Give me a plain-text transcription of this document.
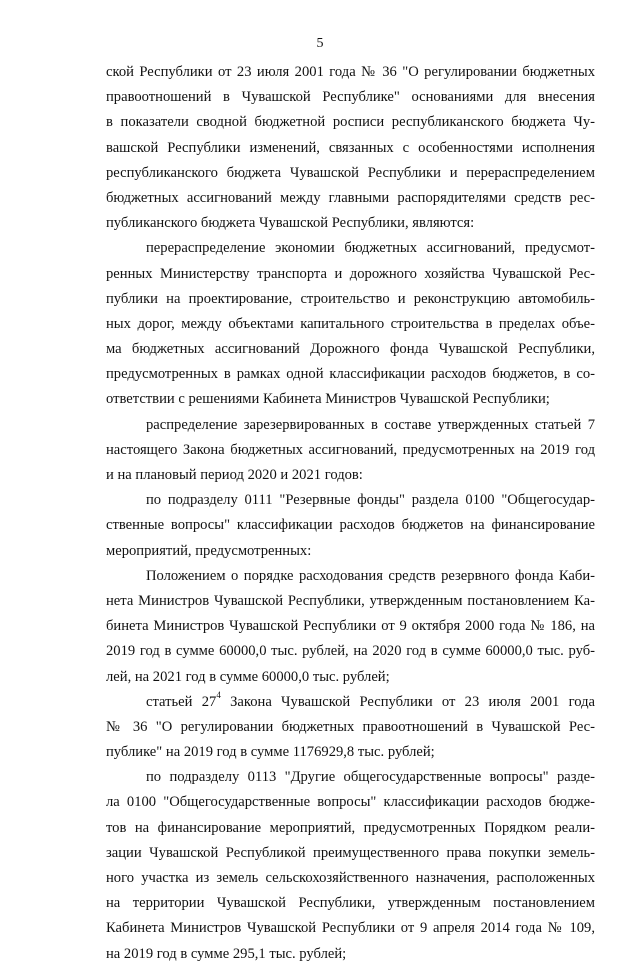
5
ской Республики от 23 июля 2001 года № 36 "О регулировании бюджетных
правоотношений в Чувашской Республике" основаниями для внесения
в показатели сводной бюджетной росписи республиканского бюджета Чу-
вашской Республики изменений, связанных с особенностями исполнения
республиканского бюджета Чувашской Республики и перераспределением
бюджетных ассигнований между главными распорядителями средств рес-
публиканского бюджета Чувашской Республики, являются:
перераспределение экономии бюджетных ассигнований, предусмот-
ренных Министерству транспорта и дорожного хозяйства Чувашской Рес-
публики на проектирование, строительство и реконструкцию автомобиль-
ных дорог, между объектами капитального строительства в пределах объе-
ма бюджетных ассигнований Дорожного фонда Чувашской Республики,
предусмотренных в рамках одной классификации расходов бюджетов, в со-
ответствии с решениями Кабинета Министров Чувашской Республики;
распределение зарезервированных в составе утвержденных статьей 7
настоящего Закона бюджетных ассигнований, предусмотренных на 2019 год
и на плановый период 2020 и 2021 годов:
по подразделу 0111 "Резервные фонды" раздела 0100 "Общегосудар-
ственные вопросы" классификации расходов бюджетов на финансирование
мероприятий, предусмотренных:
Положением о порядке расходования средств резервного фонда Каби-
нета Министров Чувашской Республики, утвержденным постановлением Ка-
бинета Министров Чувашской Республики от 9 октября 2000 года № 186, на
2019 год в сумме 60000,0 тыс. рублей, на 2020 год в сумме 60000,0 тыс. руб-
лей, на 2021 год в сумме 60000,0 тыс. рублей;
статьей $27^4$ Закона Чувашской Республики от 23 июля 2001 года
№ 36 "О регулировании бюджетных правоотношений в Чувашской Рес-
публике" на 2019 год в сумме 1176929,8 тыс. рублей;
по подразделу 0113 "Другие общегосударственные вопросы" разде-
ла 0100 "Общегосударственные вопросы" классификации расходов бюдже-
тов на финансирование мероприятий, предусмотренных Порядком реали-
зации Чувашской Республикой преимущественного права покупки земель-
ного участка из земель сельскохозяйственного назначения, расположенных
на территории Чувашской Республики, утвержденным постановлением
Кабинета Министров Чувашской Республики от 9 апреля 2014 года № 109,
на 2019 год в сумме 295,1 тыс. рублей;
